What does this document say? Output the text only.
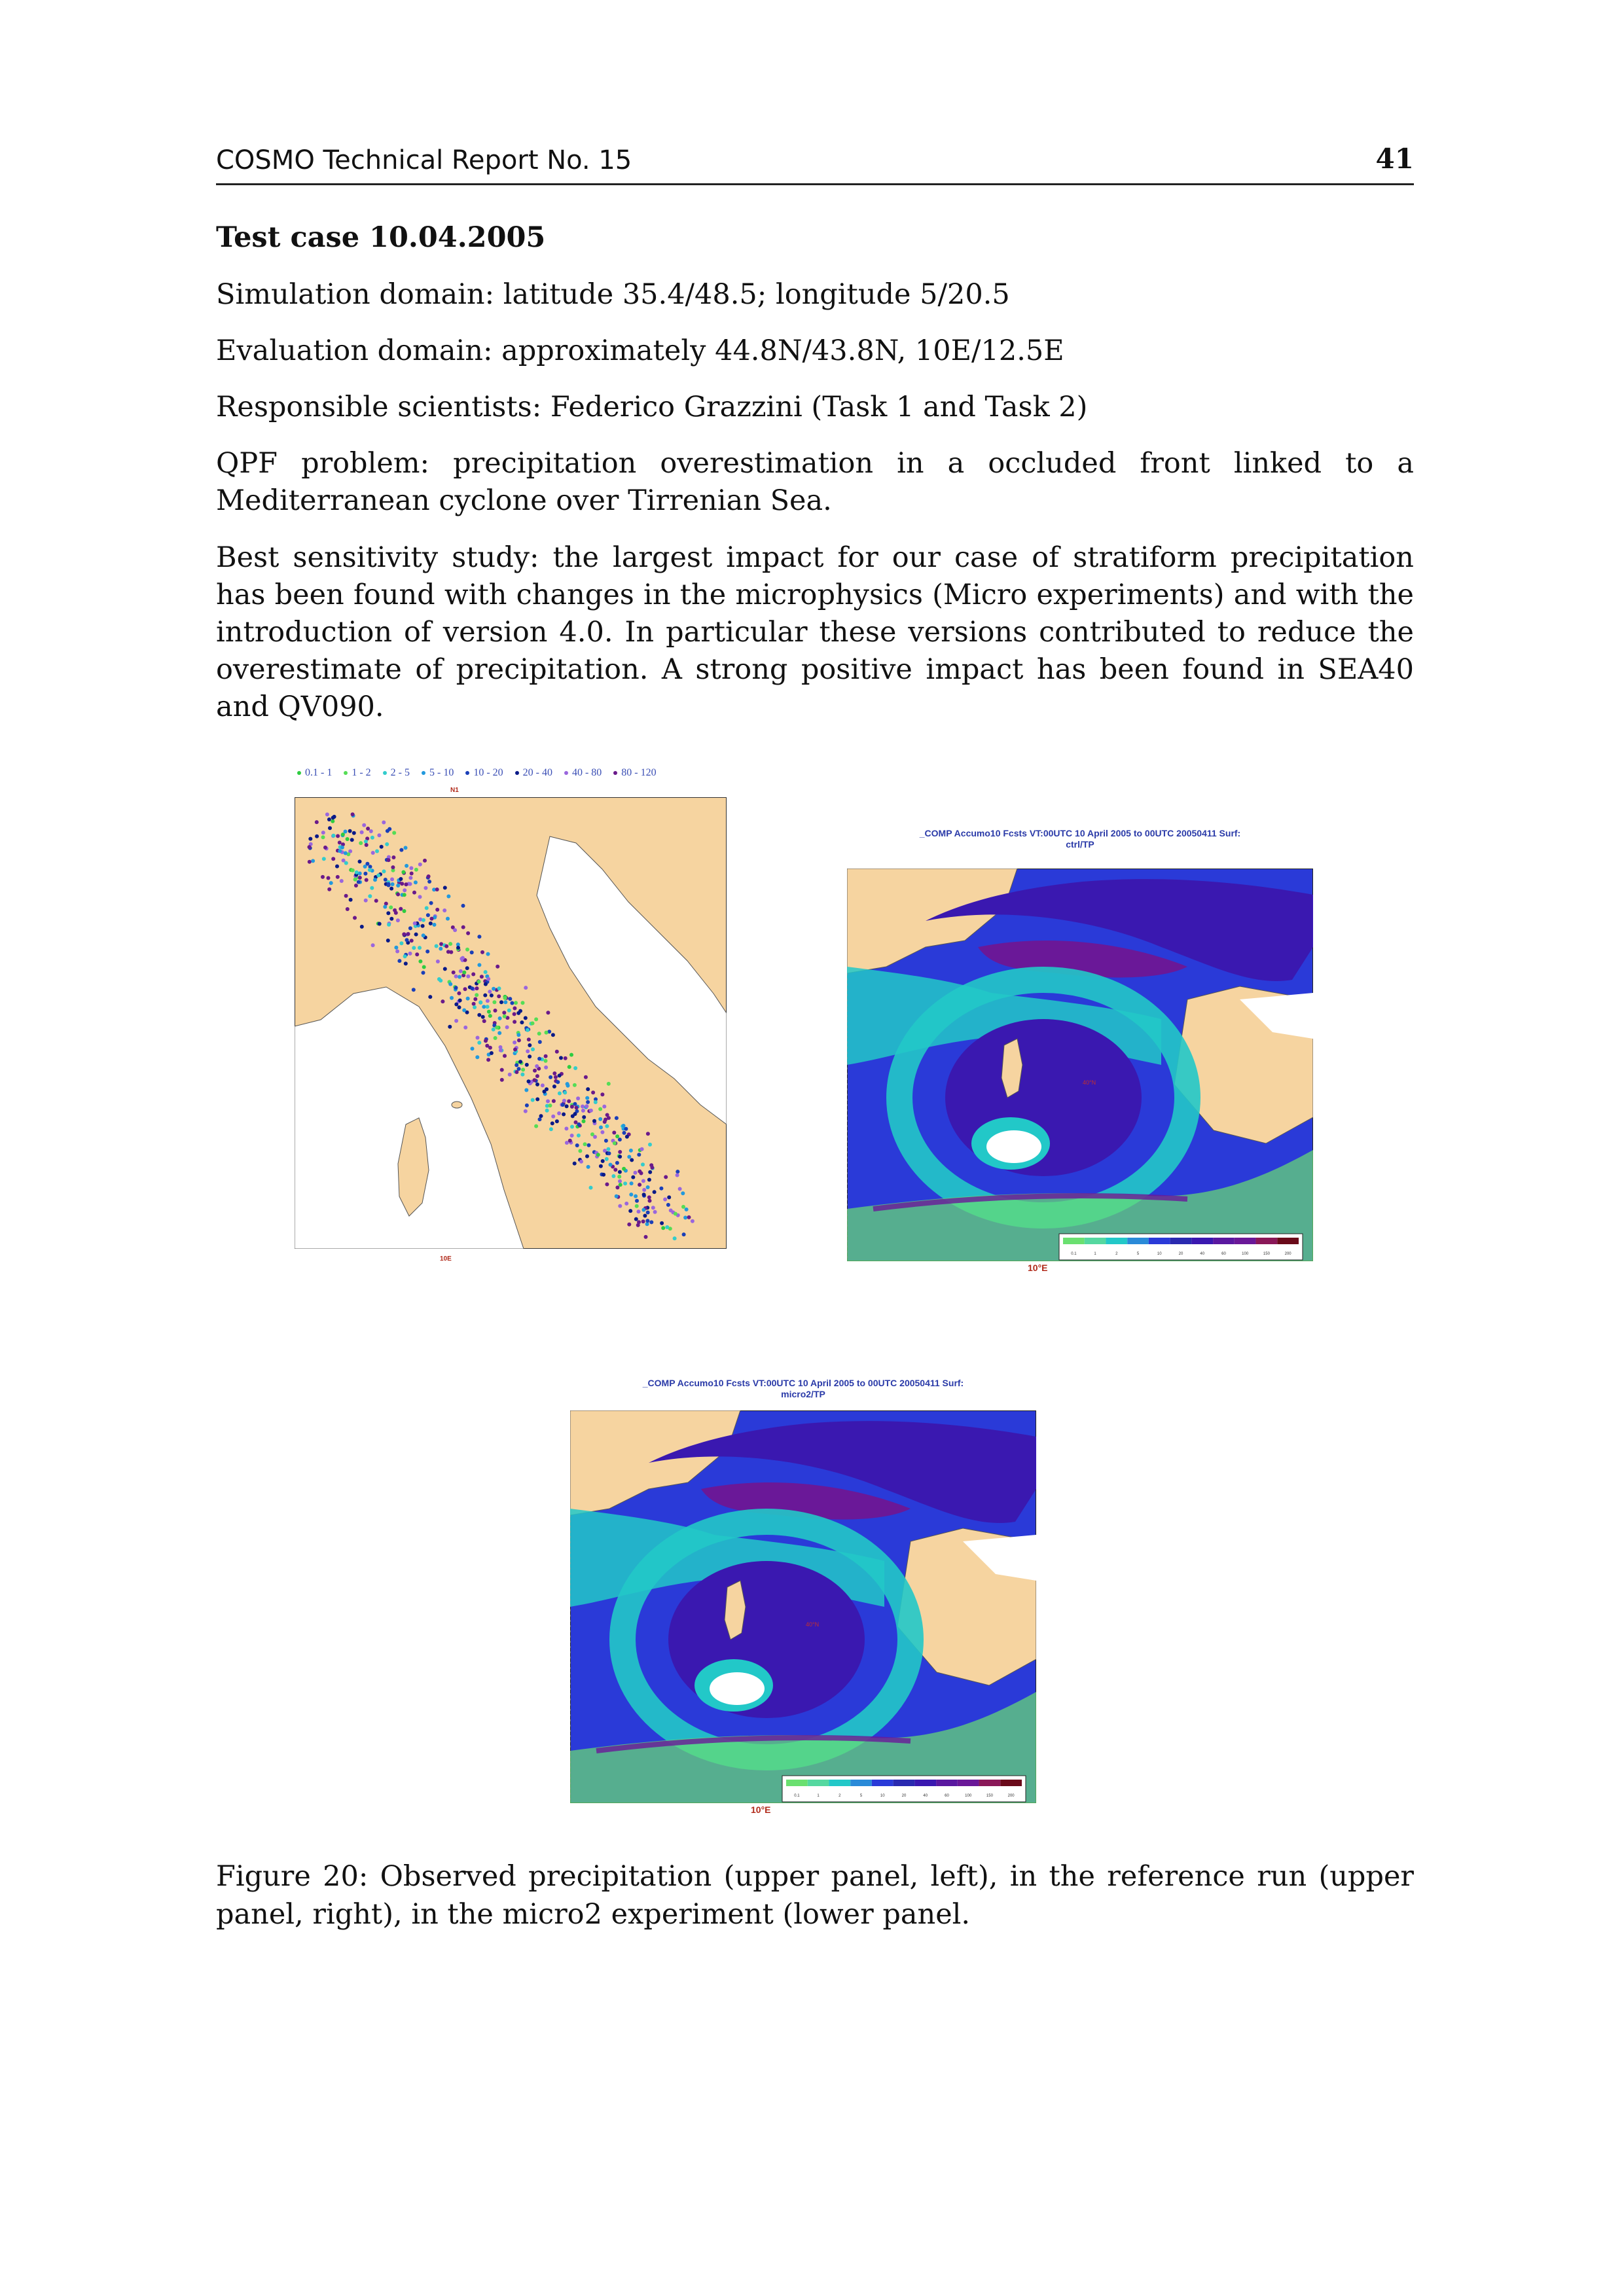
COSMO Technical Report No. 15	41
Test case 10.04.2005
Simulation domain: latitude 35.4/48.5; longitude 5/20.5
Evaluation domain: approximately 44.8N/43.8N, 10E/12.5E
Responsible scientists: Federico Grazzini (Task 1 and Task 2)
QPF problem: precipitation overestimation in a occluded front linked to a Mediterranean cyclone over Tirrenian Sea.
Best sensitivity study: the largest impact for our case of stratiform precipitation has been found with changes in the microphysics (Micro experiments) and with the introduction of version 4.0. In particular these versions contributed to reduce the overestimate of precipitation. A strong positive impact has been found in SEA40 and QV090.
0.1 - 1 1 - 2 2 - 5 5 - 10 10 - 20 20 - 40 40 - 80 80 - 120
N1
10E
_COMP Accumo10 Fcsts VT:00UTC 10 April 2005 to 00UTC 20050411 Surf:
ctrl/TP
0.1	1	2	5	10	20	40	60	100	150	200
40°N
10°E
_COMP Accumo10 Fcsts VT:00UTC 10 April 2005 to 00UTC 20050411 Surf:
micro2/TP
0.1	1	2	5	10	20	40	60	100	150	200
40°N
10°E
Figure 20: Observed precipitation (upper panel, left), in the reference run (upper panel, right), in the micro2 experiment (lower panel.
